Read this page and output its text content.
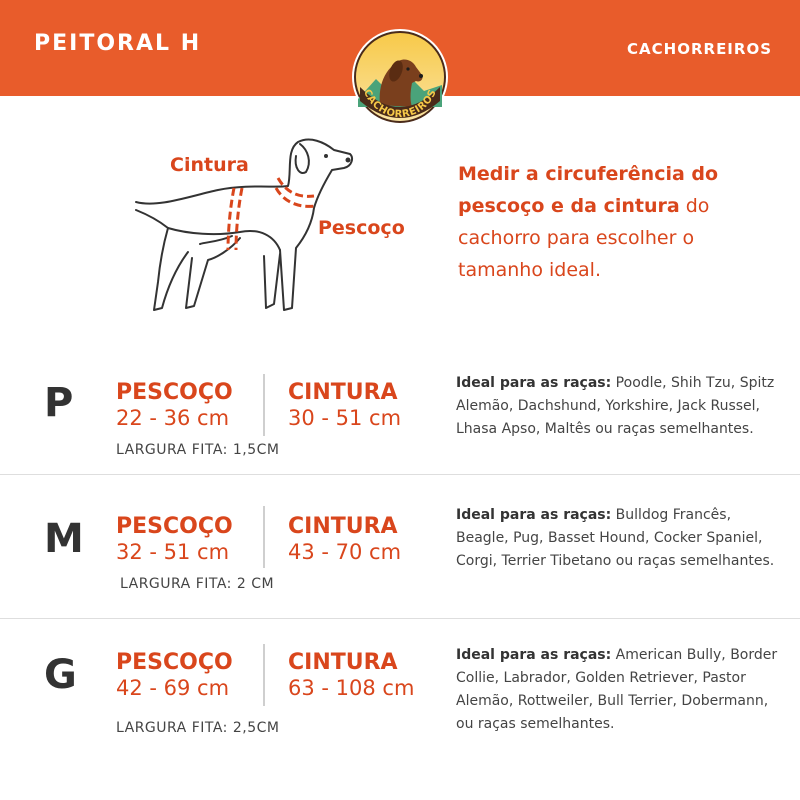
PEITORAL H	CACHORREIROS
CACHORREIROS
Cintura
Pescoço
Medir a circuferência do pescoço e da cintura do cachorro para escolher o tamanho ideal.
P PESCOÇO
22 - 36 cm
CINTURA
30 - 51 cm
LARGURA FITA: 1,5CM
Ideal para as raças: Poodle, Shih Tzu, Spitz Alemão, Dachshund, Yorkshire, Jack Russel, Lhasa Apso, Maltês ou raças semelhantes.
M PESCOÇO
32 - 51 cm
CINTURA
43 - 70 cm
LARGURA FITA: 2 CM
Ideal para as raças: Bulldog Francês, Beagle, Pug, Basset Hound, Cocker Spaniel, Corgi, Terrier Tibetano ou raças semelhantes.
G PESCOÇO
42 - 69 cm
CINTURA
63 - 108 cm
LARGURA FITA: 2,5CM
Ideal para as raças: American Bully, Border Collie, Labrador, Golden Retriever, Pastor Alemão, Rottweiler, Bull Terrier, Dobermann, ou raças semelhantes.
